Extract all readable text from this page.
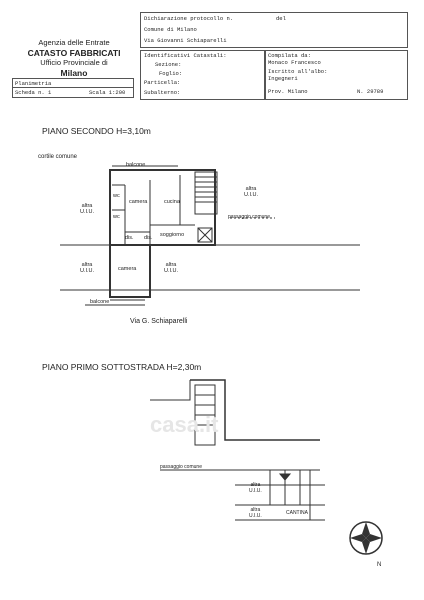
Agenzia delle Entrate
CATASTO FABBRICATI
Ufficio Provinciale di
Milano
Dichiarazione protocollo n.	del
Comune di Milano
Via Giovanni Schiaparelli
Identificativi Catastali:
Sezione:
Foglio:
Particella:
Subalterno:
Compilata da:
Monaco Francesco
Iscritto all'albo:
Ingegneri
Prov. Milano	N. 29789
Planimetria
Scheda n. 1	Scala 1:200
PIANO SECONDO H=3,10m
cortile comune
balcone
wc
wc
camera	cucina
dis. dis. soggiorno
passaggio comune
altra
U.I.U.
altra
U.I.U.
altra
U.I.U.	camera
altra
U.I.U.
balcone
Via G. Schiaparelli
PIANO PRIMO SOTTOSTRADA H=2,30m
casa.it
passaggio comune
altra
U.I.U.
altra
U.I.U.	CANTINA
N
